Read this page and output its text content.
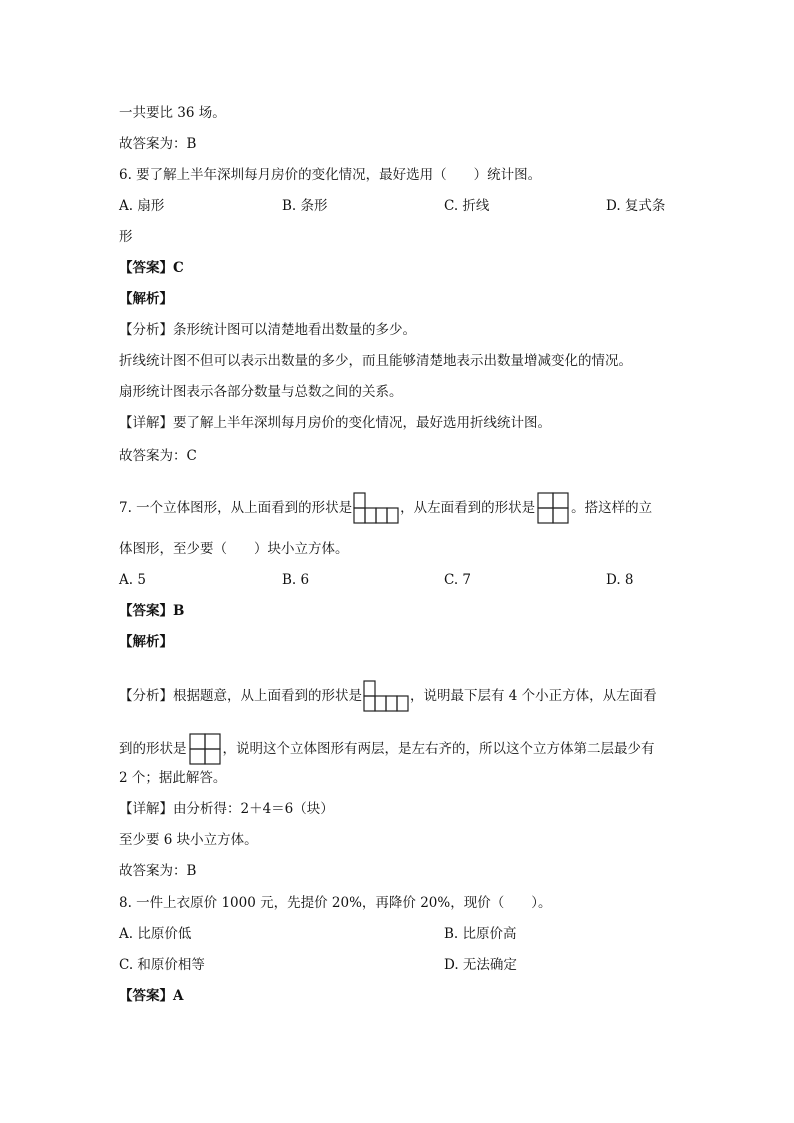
一共要比 36 场。
故答案为：B
6. 要了解上半年深圳每月房价的变化情况，最好选用（　　）统计图。
A. 扇形	B. 条形	C. 折线	D. 复式条
形
【答案】C
【解析】
【分析】条形统计图可以清楚地看出数量的多少。
折线统计图不但可以表示出数量的多少，而且能够清楚地表示出数量增减变化的情况。
扇形统计图表示各部分数量与总数之间的关系。
【详解】要了解上半年深圳每月房价的变化情况，最好选用折线统计图。
故答案为：C
7. 一个立体图形，从上面看到的形状是	，从左面看到的形状是	。搭这样的立
体图形，至少要（　　）块小立方体。
A. 5	B. 6	C. 7	D. 8
【答案】B
【解析】
【分析】根据题意，从上面看到的形状是	，说明最下层有 4 个小正方体，从左面看
到的形状是	，说明这个立体图形有两层，是左右齐的，所以这个立方体第二层最少有
2 个；据此解答。
【详解】由分析得：2＋4＝6（块）
至少要 6 块小立方体。
故答案为：B
8. 一件上衣原价 1000 元，先提价 20%，再降价 20%，现价（　　）。
A. 比原价低	B. 比原价高
C. 和原价相等	D. 无法确定
【答案】A
